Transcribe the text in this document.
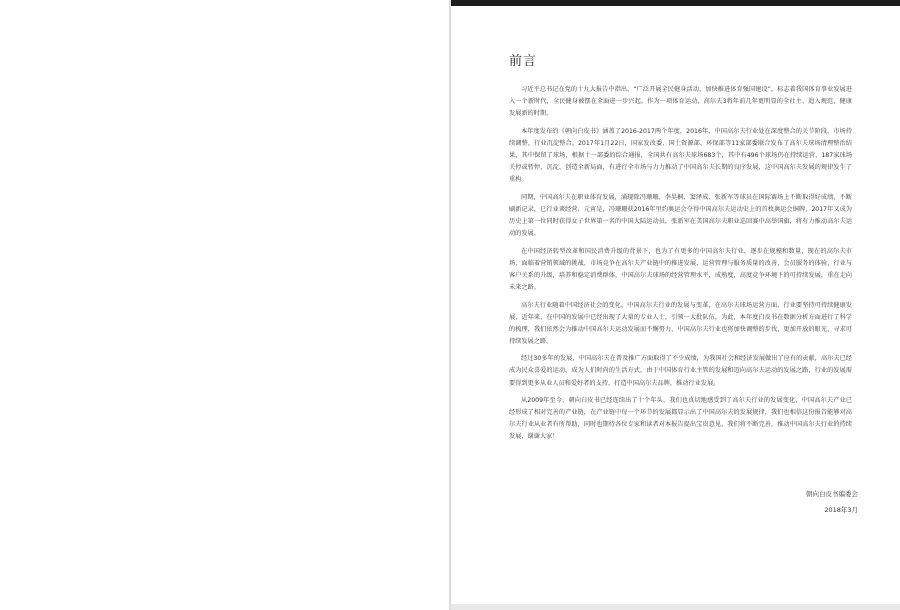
前言

习近平总书记在党的十九大报告中指出，“广泛开展全民健身活动，加快推进体育强国建设”，标志着我国体育事业发展进入一个新时代，全民健身被摆在全面进一步兴起。作为一项体育运动，高尔夫3将年前几年更明显的全社主、追入规范、健康发展新的时期。

本年度发布的《朝向白皮书》涵盖了2016-2017两个年度，2016年，中国高尔夫行业处在深度整合的关节阶段，市场持续调整，行业沉淀整合。2017年1月22日，国家发改委、国土资源部、环保部等11家部委联合发布了高尔夫球场清理整治结果，其中保留了球场，根据十一部委的综合通报，全国共有高尔夫球场683个，其中有496个球场仍在持续运营，187家球场关停或暂停，沉淀、创造全新局面，有进行全市场与力力推动了中国高尔夫长期的良序发展，这中国高尔夫发展的规律发生了重构。

同期，中国高尔夫在职业体育发展，涌现除冯珊珊、李昊桐、窦泽成、张新军等球员在国际赛场上不断取得好成绩，不断刷新记录，已行业谈经营、元宵是，冯珊珊获2016年里约奥运会夺得中国高尔夫运动史上的首枚奥运会铜牌，2017年又成为历史上第一位同时获得女子世界第一名的中国大陆运动员，张新军在美国高尔夫职业巡回赛中高举国旗，将有力推动高尔夫运动的发展。

在中国经济转型改革和国民消费升级的背景下，也为了有更多的中国高尔夫行业，逐步在规模和数量，现在的高尔夫市场，面临着营销领域的挑战，市场竞争在高尔夫产业链中的推进发展，运营管理与服务质量的改善，会员服务的体验，行业与客户关系的升级，培养和稳定消费群体，中国高尔夫球场的经营管理水平，成熟度，高度竞争环境下的可持续发展，重在走向未来之路。

高尔夫行业随着中国经济社会的变化，中国高尔夫行业的发展与变革，在高尔夫球场运营方面，行业要坚持可持续健康发展，近年来，在中国的发展中已经出现了大量的专业人士，引领一大批队伍，为此，本年度白皮书在数据分析方面进行了科学的梳理，我们依然会为推动中国高尔夫运动发展而不懈努力，中国高尔夫行业也将加快调整的步伐，更加开放的眼光，寻求可持续发展之路。

经过30多年的发展，中国高尔夫在普及推广方面取得了不少成绩，为我国社会和经济发展做出了应有的贡献，高尔夫已经成为民众喜爱的运动，成为人们时尚的生活方式，由于中国体育行业主管的发展和迈向高尔夫运动的发展之路，行业的发展需要得到更多从业人员和爱好者的支持，打造中国高尔夫品牌，推动行业发展。

从2009年至今，朝向白皮书已经连续出了十个年头，我们也真切地感受到了高尔夫行业的发展变化，中国高尔夫产业已经形成了相对完善的产业链，在产业链中每一个环节的发展都显示出了中国高尔夫的发展规律，我们也相信这份报告能够对高尔夫行业从业者有所帮助，同时也期待各位专家和读者对本报告提出宝贵意见，我们将不断完善，推动中国高尔夫行业的持续发展，谢谢大家！

朝向白皮书编委会
2018年3月
